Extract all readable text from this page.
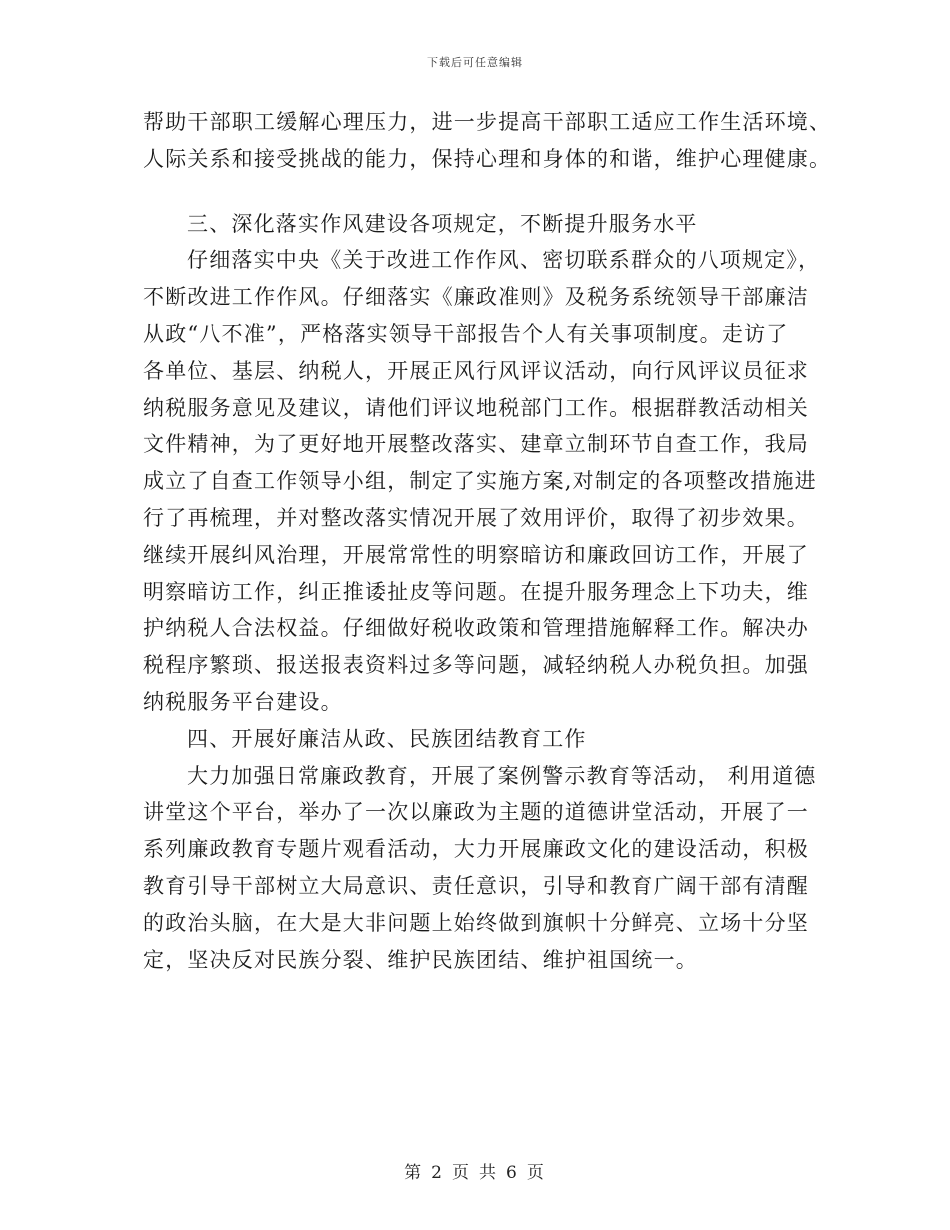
下载后可任意编辑
帮助干部职工缓解心理压力，进一步提高干部职工适应工作生活环境、
人际关系和接受挑战的能力，保持心理和身体的和谐，维护心理健康。
三、深化落实作风建设各项规定，不断提升服务水平
仔细落实中央《关于改进工作作风、密切联系群众的八项规定》，
不断改进工作作风。仔细落实《廉政准则》及税务系统领导干部廉洁
从政“八不准”，严格落实领导干部报告个人有关事项制度。走访了
各单位、基层、纳税人，开展正风行风评议活动，向行风评议员征求
纳税服务意见及建议，请他们评议地税部门工作。根据群教活动相关
文件精神，为了更好地开展整改落实、建章立制环节自查工作，我局
成立了自查工作领导小组，制定了实施方案,对制定的各项整改措施进
行了再梳理，并对整改落实情况开展了效用评价，取得了初步效果。
继续开展纠风治理，开展常常性的明察暗访和廉政回访工作，开展了
明察暗访工作，纠正推诿扯皮等问题。在提升服务理念上下功夫，维
护纳税人合法权益。仔细做好税收政策和管理措施解释工作。解决办
税程序繁琐、报送报表资料过多等问题，减轻纳税人办税负担。加强
纳税服务平台建设。
四、开展好廉洁从政、民族团结教育工作
大力加强日常廉政教育，开展了案例警示教育等活动， 利用道德
讲堂这个平台，举办了一次以廉政为主题的道德讲堂活动，开展了一
系列廉政教育专题片观看活动，大力开展廉政文化的建设活动，积极
教育引导干部树立大局意识、责任意识，引导和教育广阔干部有清醒
的政治头脑，在大是大非问题上始终做到旗帜十分鲜亮、立场十分坚
定，坚决反对民族分裂、维护民族团结、维护祖国统一。
第 2 页 共 6 页
